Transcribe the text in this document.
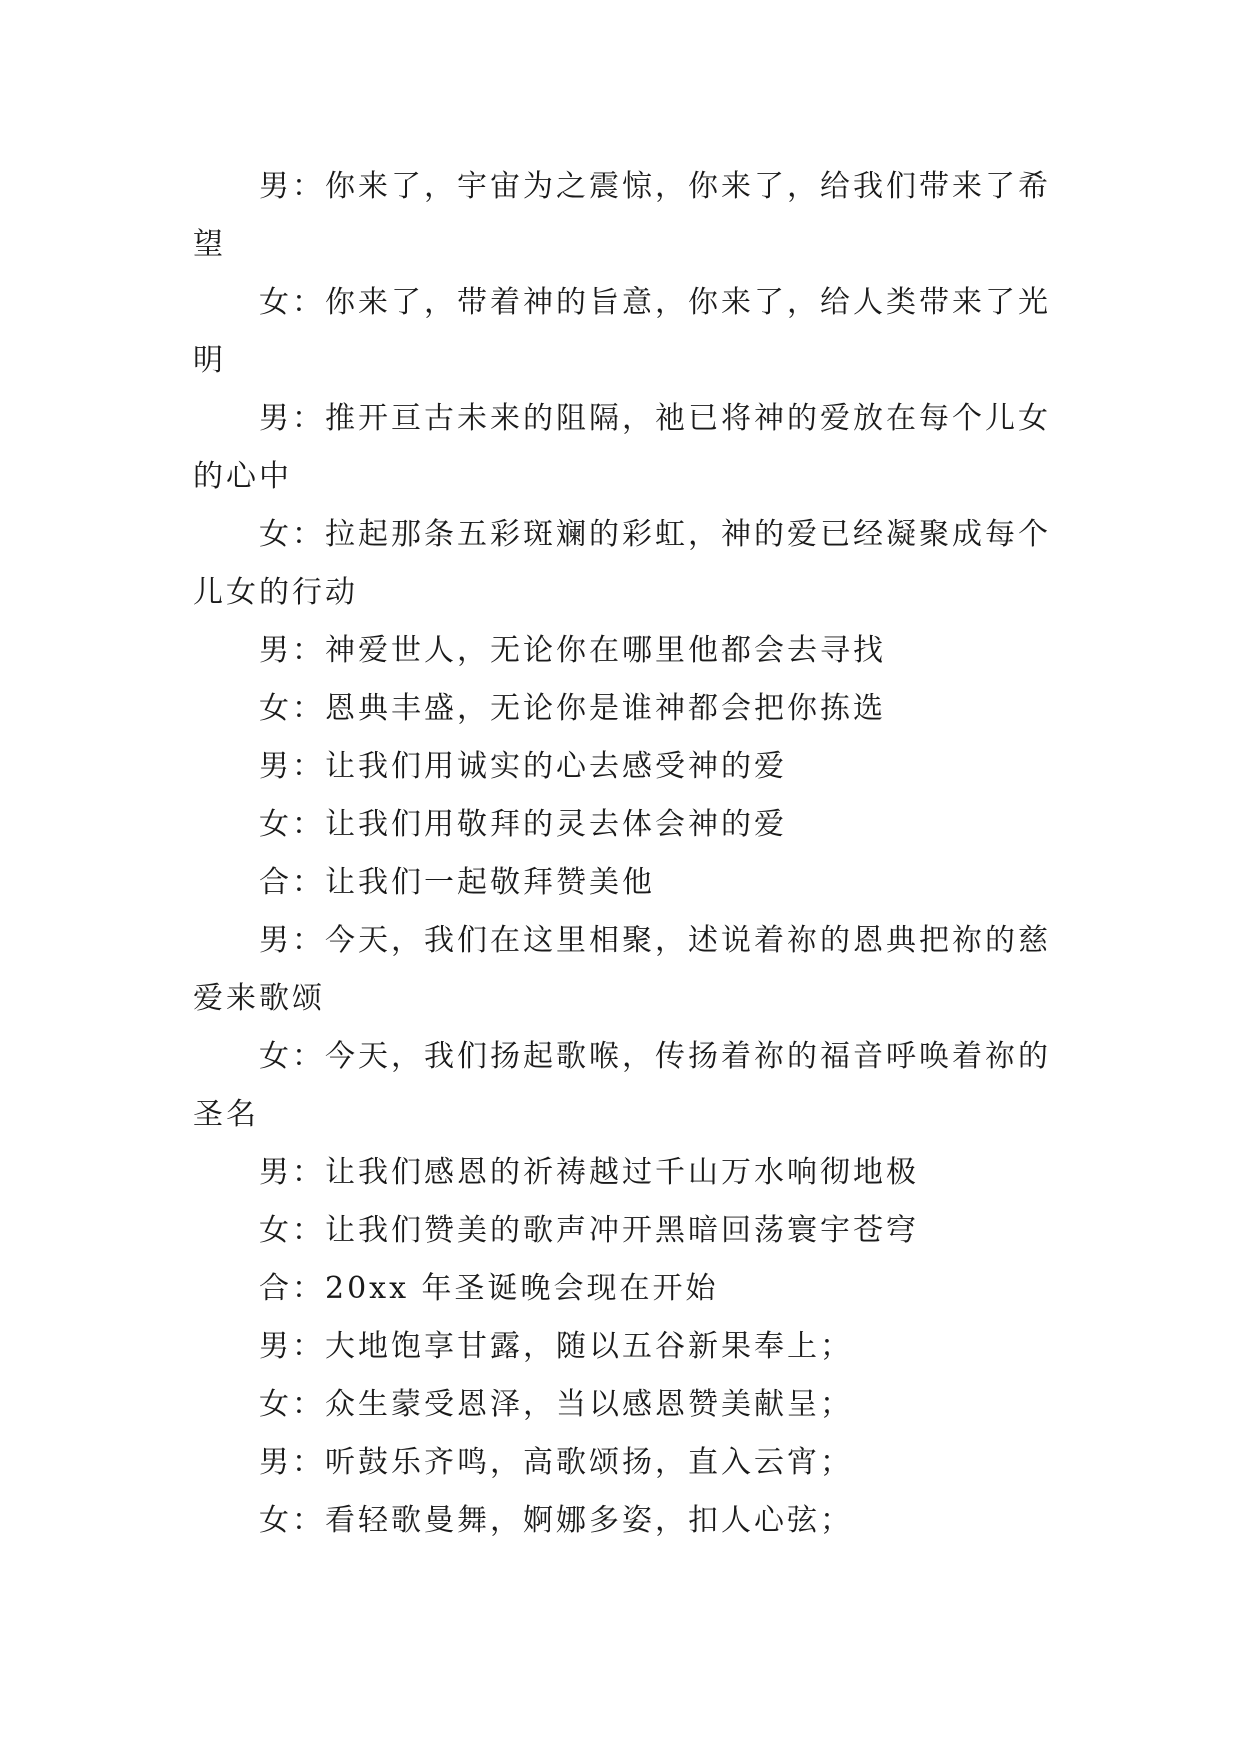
男：你来了，宇宙为之震惊，你来了，给我们带来了希望

女：你来了，带着神的旨意，你来了，给人类带来了光明

男：推开亘古未来的阻隔，祂已将神的爱放在每个儿女的心中

女：拉起那条五彩斑斓的彩虹，神的爱已经凝聚成每个儿女的行动

男：神爱世人，无论你在哪里他都会去寻找

女：恩典丰盛，无论你是谁神都会把你拣选

男：让我们用诚实的心去感受神的爱

女：让我们用敬拜的灵去体会神的爱

合：让我们一起敬拜赞美他

男：今天，我们在这里相聚，述说着祢的恩典把祢的慈爱来歌颂

女：今天，我们扬起歌喉，传扬着祢的福音呼唤着祢的圣名

男：让我们感恩的祈祷越过千山万水响彻地极

女：让我们赞美的歌声冲开黑暗回荡寰宇苍穹

合：20xx 年圣诞晚会现在开始

男：大地饱享甘露，随以五谷新果奉上；

女：众生蒙受恩泽，当以感恩赞美献呈；

男：听鼓乐齐鸣，高歌颂扬，直入云宵；

女：看轻歌曼舞，婀娜多姿，扣人心弦；
